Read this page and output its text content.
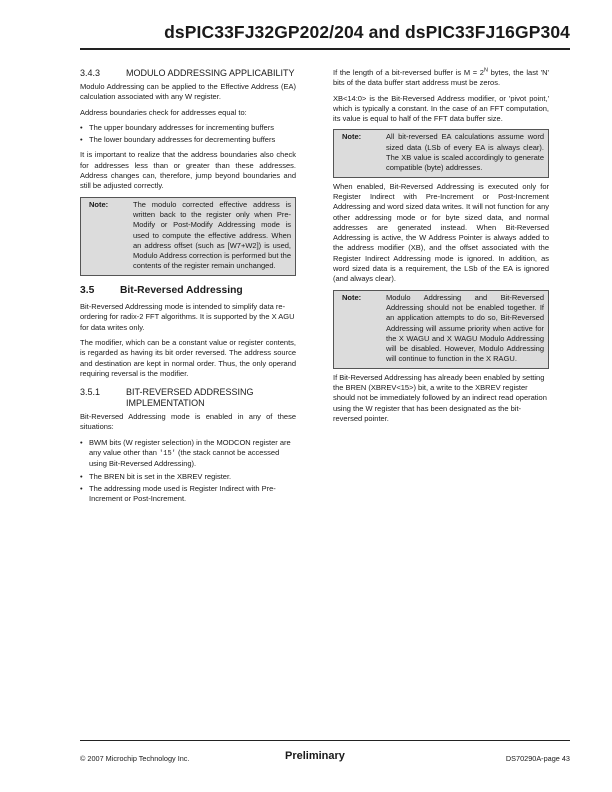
dsPIC33FJ32GP202/204 and dsPIC33FJ16GP304
3.4.3	MODULO ADDRESSING APPLICABILITY

Modulo Addressing can be applied to the Effective Address (EA) calculation associated with any W register.

Address boundaries check for addresses equal to:

• The upper boundary addresses for incrementing buffers
• The lower boundary addresses for decrementing buffers

It is important to realize that the address boundaries also check for addresses less than or greater than these addresses. Address changes can, therefore, jump beyond boundaries and still be adjusted correctly.

Note:	The modulo corrected effective address is written back to the register only when Pre-Modify or Post-Modify Addressing mode is used to compute the effective address. When an address offset (such as [W7+W2]) is used, Modulo Address correction is performed but the contents of the register remain unchanged.
3.5	Bit-Reversed Addressing

Bit-Reversed Addressing mode is intended to simplify data re-ordering for radix-2 FFT algorithms. It is supported by the X AGU for data writes only.

The modifier, which can be a constant value or register contents, is regarded as having its bit order reversed. The address source and destination are kept in normal order. Thus, the only operand requiring reversal is the modifier.

3.5.1	BIT-REVERSED ADDRESSING IMPLEMENTATION

Bit-Reversed Addressing mode is enabled in any of these situations:

• BWM bits (W register selection) in the MODCON register are any value other than '15' (the stack cannot be accessed using Bit-Reversed Addressing).
• The BREN bit is set in the XBREV register.
• The addressing mode used is Register Indirect with Pre-Increment or Post-Increment.

If the length of a bit-reversed buffer is $M = 2^N$ bytes, the last 'N' bits of the data buffer start address must be zeros.

XB<14:0> is the Bit-Reversed Address modifier, or 'pivot point,' which is typically a constant. In the case of an FFT computation, its value is equal to half of the FFT data buffer size.

Note:	All bit-reversed EA calculations assume word sized data (LSb of every EA is always clear). The XB value is scaled accordingly to generate compatible (byte) addresses.

When enabled, Bit-Reversed Addressing is executed only for Register Indirect with Pre-Increment or Post-Increment Addressing and word sized data writes. It will not function for any other addressing mode or for byte sized data, and normal addresses are generated instead. When Bit-Reversed Addressing is active, the W Address Pointer is always added to the address modifier (XB), and the offset associated with the Register Indirect Addressing mode is ignored. In addition, as word sized data is a requirement, the LSb of the EA is ignored (and always clear).

Note:	Modulo Addressing and Bit-Reversed Addressing should not be enabled together. If an application attempts to do so, Bit-Reversed Addressing will assume priority when active for the X WAGU and X WAGU Modulo Addressing will be disabled. However, Modulo Addressing will continue to function in the X RAGU.

If Bit-Reversed Addressing has already been enabled by setting the BREN (XBREV<15>) bit, a write to the XBREV register should not be immediately followed by an indirect read operation using the W register that has been designated as the bit-reversed pointer.

© 2007 Microchip Technology Inc.	Preliminary	DS70290A-page 43
